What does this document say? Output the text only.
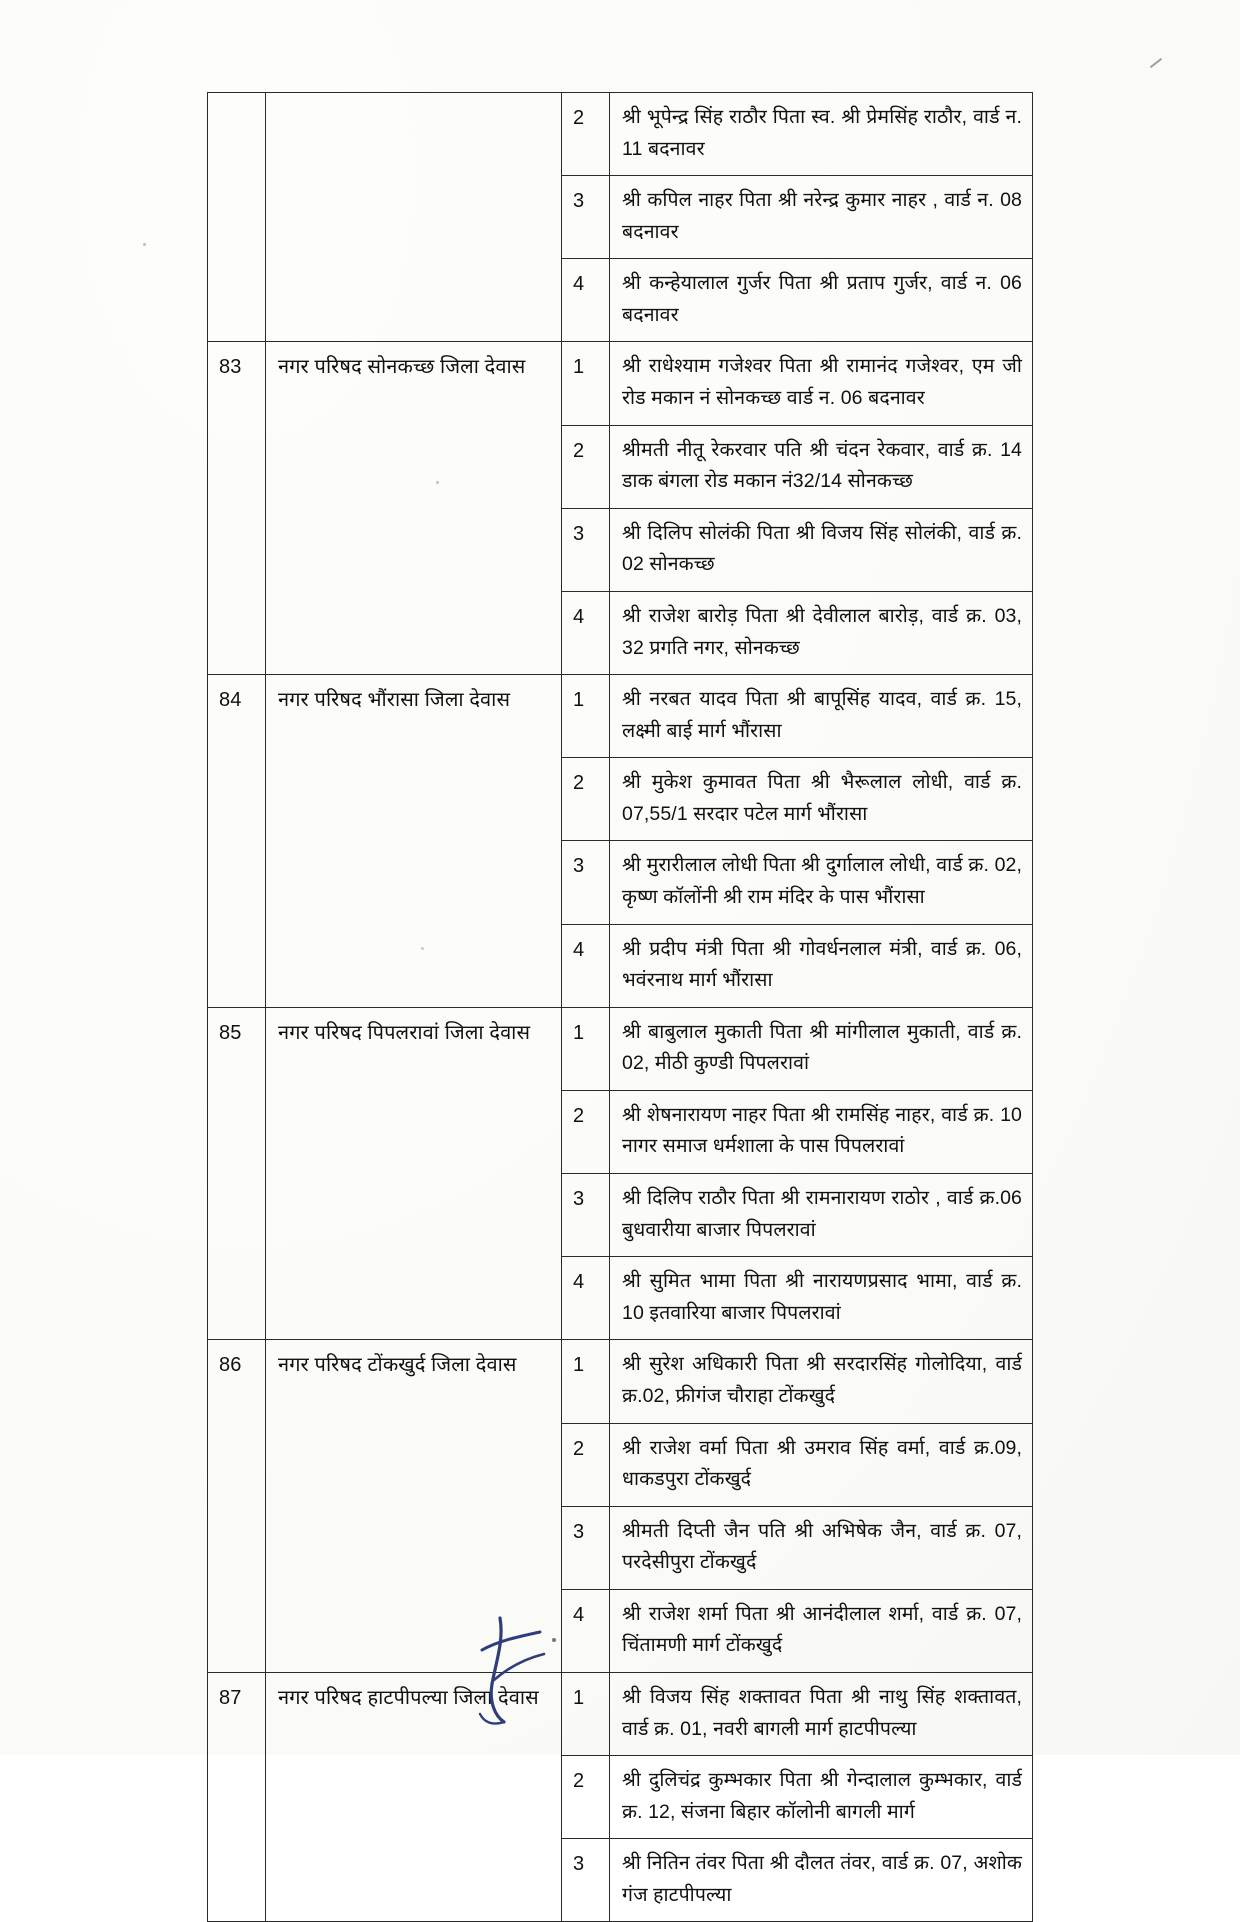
		2	श्री भूपेन्द्र सिंह राठौर पिता स्व. श्री प्रेमसिंह राठौर, वार्ड न. 11 बदनावर
		3	श्री कपिल नाहर पिता श्री नरेन्द्र कुमार नाहर , वार्ड न. 08 बदनावर
		4	श्री कन्हेयालाल गुर्जर पिता श्री प्रताप गुर्जर, वार्ड न. 06 बदनावर
83	नगर परिषद सोनकच्छ जिला देवास	1	श्री राधेश्याम गजेश्वर पिता श्री रामानंद गजेश्वर, एम जी रोड मकान नं सोनकच्छ वार्ड न. 06 बदनावर
		2	श्रीमती नीतू रेकरवार पति श्री चंदन रेकवार, वार्ड क्र. 14 डाक बंगला रोड मकान नं32/14 सोनकच्छ
		3	श्री दिलिप सोलंकी पिता श्री विजय सिंह सोलंकी, वार्ड क्र. 02 सोनकच्छ
		4	श्री राजेश बारोड़ पिता श्री देवीलाल बारोड़, वार्ड क्र. 03, 32 प्रगति नगर, सोनकच्छ
84	नगर परिषद भौंरासा जिला देवास	1	श्री नरबत यादव पिता श्री बापूसिंह यादव, वार्ड क्र. 15, लक्ष्मी बाई मार्ग भौंरासा
		2	श्री मुकेश कुमावत पिता श्री भैरूलाल लोधी, वार्ड क्र. 07,55/1 सरदार पटेल मार्ग भौंरासा
		3	श्री मुरारीलाल लोधी पिता श्री दुर्गालाल लोधी, वार्ड क्र. 02, कृष्ण कॉलोंनी श्री राम मंदिर के पास भौंरासा
		4	श्री प्रदीप मंत्री पिता श्री गोवर्धनलाल मंत्री, वार्ड क्र. 06, भवंरनाथ मार्ग भौंरासा
85	नगर परिषद पिपलरावां जिला देवास	1	श्री बाबुलाल मुकाती पिता श्री मांगीलाल मुकाती, वार्ड क्र. 02, मीठी कुण्डी पिपलरावां
		2	श्री शेषनारायण नाहर पिता श्री रामसिंह नाहर, वार्ड क्र. 10 नागर समाज धर्मशाला के पास पिपलरावां
		3	श्री दिलिप राठौर पिता श्री रामनारायण राठोर , वार्ड क्र.06 बुधवारीया बाजार पिपलरावां
		4	श्री सुमित भामा पिता श्री नारायणप्रसाद भामा, वार्ड क्र. 10 इतवारिया बाजार पिपलरावां
86	नगर परिषद टोंकखुर्द जिला देवास	1	श्री सुरेश अधिकारी पिता श्री सरदारसिंह गोलोदिया, वार्ड क्र.02, फ्रीगंज चौराहा टोंकखुर्द
		2	श्री राजेश वर्मा पिता श्री उमराव सिंह वर्मा, वार्ड क्र.09, धाकडपुरा टोंकखुर्द
		3	श्रीमती दिप्ती जैन पति श्री अभिषेक जैन, वार्ड क्र. 07, परदेसीपुरा टोंकखुर्द
		4	श्री राजेश शर्मा पिता श्री आनंदीलाल शर्मा, वार्ड क्र. 07, चिंतामणी मार्ग टोंकखुर्द
87	नगर परिषद हाटपीपल्या जिला देवास	1	श्री विजय सिंह शक्तावत पिता श्री नाथु सिंह शक्तावत, वार्ड क्र. 01, नवरी बागली मार्ग हाटपीपल्या
		2	श्री दुलिचंद्र कुम्भकार पिता श्री गेन्दालाल कुम्भकार, वार्ड क्र. 12, संजना बिहार कॉलोनी बागली मार्ग
		3	श्री नितिन तंवर पिता श्री दौलत तंवर, वार्ड क्र. 07, अशोक गंज हाटपीपल्या
